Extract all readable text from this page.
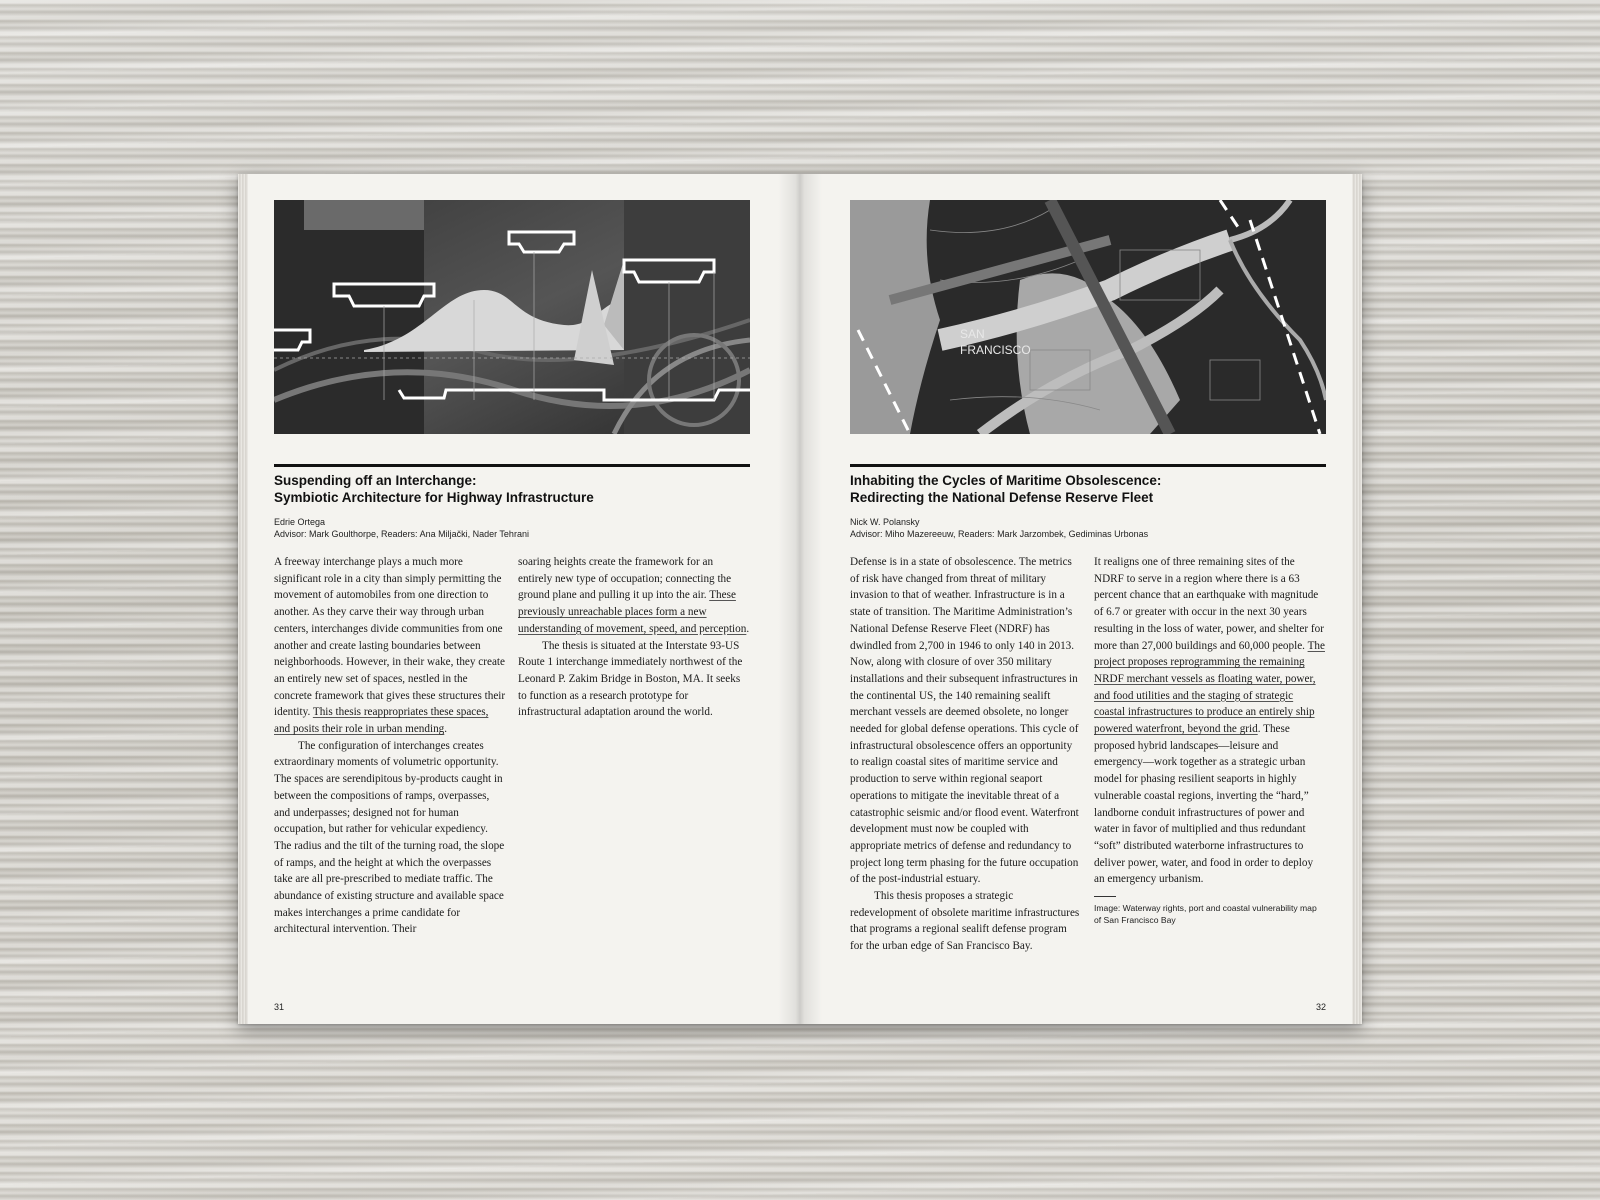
Suspending off an Interchange:
Symbiotic Architecture for Highway Infrastructure
Edrie Ortega
Advisor: Mark Goulthorpe, Readers: Ana Miljački, Nader Tehrani

A freeway interchange plays a much more significant role in a city than simply permitting the movement of automobiles from one direction to another. As they carve their way through urban centers, interchanges divide communities from one another and create lasting boundaries between neighborhoods. However, in their wake, they create an entirely new set of spaces, nestled in the concrete framework that gives these structures their identity. This thesis reappropriates these spaces, and posits their role in urban mending.

The configuration of interchanges creates extraordinary moments of volumetric opportunity. The spaces are serendipitous by-products caught in between the compositions of ramps, overpasses, and underpasses; designed not for human occupation, but rather for vehicular expediency. The radius and the tilt of the turning road, the slope of ramps, and the height at which the overpasses take are all pre-prescribed to mediate traffic. The abundance of existing structure and available space makes interchanges a prime candidate for architectural intervention. Their

soaring heights create the framework for an entirely new type of occupation; connecting the ground plane and pulling it up into the air. These previously unreachable places form a new understanding of movement, speed, and perception.

The thesis is situated at the Interstate 93-US Route 1 interchange immediately northwest of the Leonard P. Zakim Bridge in Boston, MA. It seeks to function as a research prototype for infrastructural adaptation around the world.

31
SAN
FRANCISCO
Inhabiting the Cycles of Maritime Obsolescence:
Redirecting the National Defense Reserve Fleet
Nick W. Polansky
Advisor: Miho Mazereeuw, Readers: Mark Jarzombek, Gediminas Urbonas

Defense is in a state of obsolescence. The metrics of risk have changed from threat of military invasion to that of weather. Infrastructure is in a state of transition. The Maritime Administration’s National Defense Reserve Fleet (NDRF) has dwindled from 2,700 in 1946 to only 140 in 2013. Now, along with closure of over 350 military installations and their subsequent infrastructures in the continental US, the 140 remaining sealift merchant vessels are deemed obsolete, no longer needed for global defense operations. This cycle of infrastructural obsolescence offers an opportunity to realign coastal sites of maritime service and production to serve within regional seaport operations to mitigate the inevitable threat of a catastrophic seismic and/or flood event. Waterfront development must now be coupled with appropriate metrics of defense and redundancy to project long term phasing for the future occupation of the post-industrial estuary.

This thesis proposes a strategic redevelopment of obsolete maritime infrastructures that programs a regional sealift defense program for the urban edge of San Francisco Bay.

It realigns one of three remaining sites of the NDRF to serve in a region where there is a 63 percent chance that an earthquake with magnitude of 6.7 or greater with occur in the next 30 years resulting in the loss of water, power, and shelter for more than 27,000 buildings and 60,000 people. The project proposes reprogramming the remaining NRDF merchant vessels as floating water, power, and food utilities and the staging of strategic coastal infrastructures to produce an entirely ship powered waterfront, beyond the grid. These proposed hybrid landscapes—leisure and emergency—work together as a strategic urban model for phasing resilient seaports in highly vulnerable coastal regions, inverting the “hard,” landborne conduit infrastructures of power and water in favor of multiplied and thus redundant “soft” distributed waterborne infrastructures to deliver power, water, and food in order to deploy an emergency urbanism.

Image: Waterway rights, port and coastal vulnerability map of San Francisco Bay
32
